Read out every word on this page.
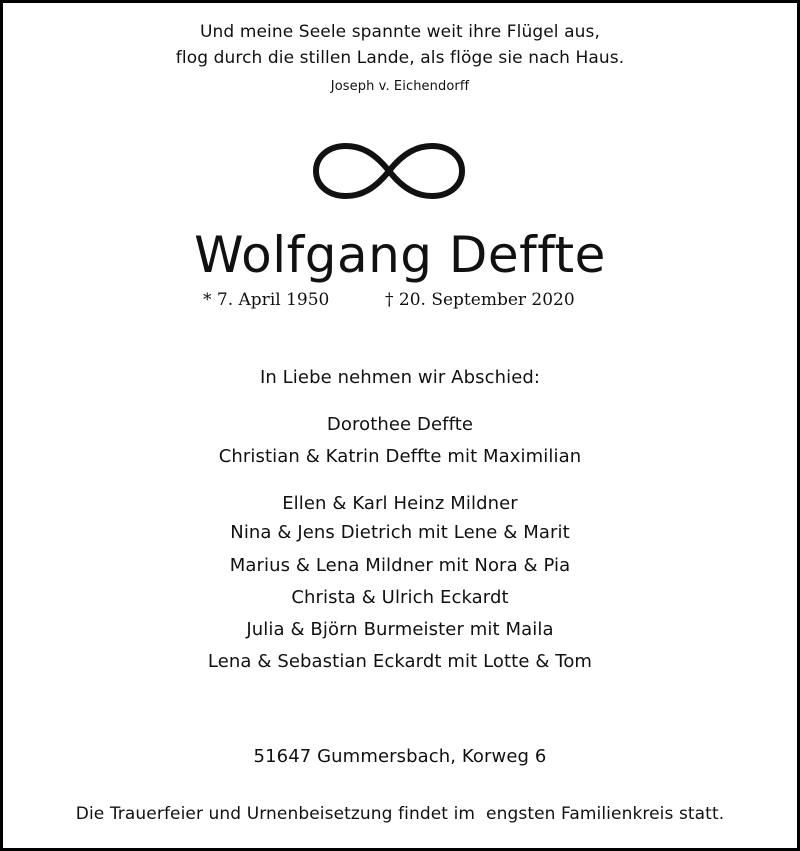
Und meine Seele spannte weit ihre Flügel aus,
flog durch die stillen Lande, als flöge sie nach Haus.
Joseph v. Eichendorff
Wolfgang Deffte
* 7. April 1950	† 20. September 2020
In Liebe nehmen wir Abschied:
Dorothee Deffte
Christian & Katrin Deffte mit Maximilian
Ellen & Karl Heinz Mildner
Nina & Jens Dietrich mit Lene & Marit
Marius & Lena Mildner mit Nora & Pia
Christa & Ulrich Eckardt
Julia & Björn Burmeister mit Maila
Lena & Sebastian Eckardt mit Lotte & Tom
51647 Gummersbach, Korweg 6
Die Trauerfeier und Urnenbeisetzung findet im  engsten Familienkreis statt.
